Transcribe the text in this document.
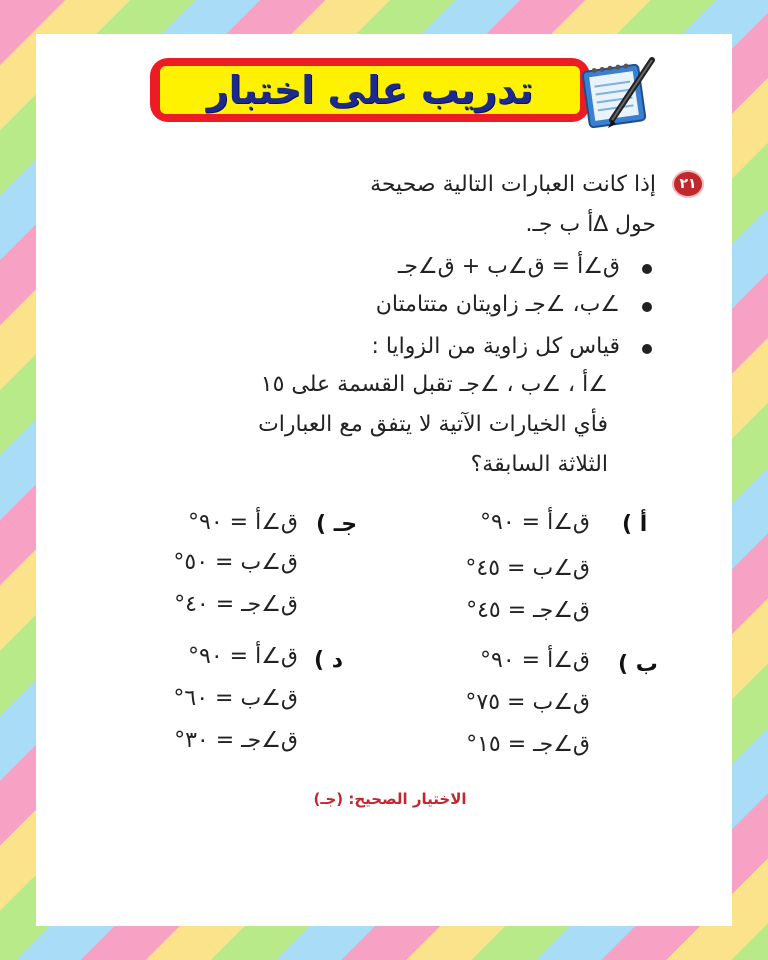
تدريب على اختبار
٢١
إذا كانت العبارات التالية صحيحة
حول ∆أ ب جـ.
ق∠أ = ق∠ب + ق∠جـ
∠ب، ∠جـ زاويتان متتامتان
قياس كل زاوية من الزوايا :
∠أ ، ∠ب ، ∠جـ تقبل القسمة على ١٥
فأي الخيارات الآتية لا يتفق مع العبارات
الثلاثة السابقة؟
أ )
ق∠أ = ٩٠°
ق∠ب = ٤٥°
ق∠جـ = ٤٥°
جـ )
ق∠أ = ٩٠°
ق∠ب = ٥٠°
ق∠جـ = ٤٠°
ب )
ق∠أ = ٩٠°
ق∠ب = ٧٥°
ق∠جـ = ١٥°
د )
ق∠أ = ٩٠°
ق∠ب = ٦٠°
ق∠جـ = ٣٠°
الاختيار الصحيح: (جـ)
